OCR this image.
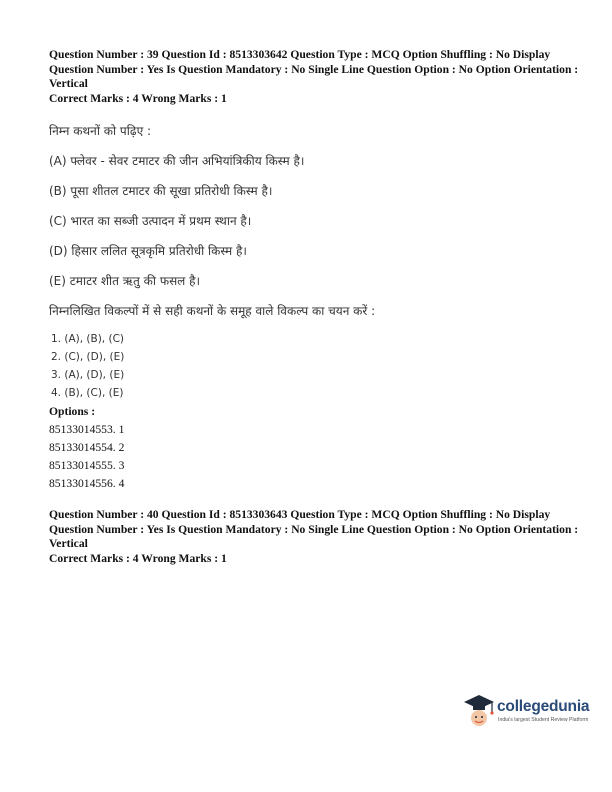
Question Number : 39 Question Id : 8513303642 Question Type : MCQ Option Shuffling : No Display Question Number : Yes Is Question Mandatory : No Single Line Question Option : No Option Orientation : Vertical
Correct Marks : 4 Wrong Marks : 1
निम्न कथनों को पढ़िए :
(A) फ्लेवर - सेवर टमाटर की जीन अभियांत्रिकीय किस्म है।
(B) पूसा शीतल टमाटर की सूखा प्रतिरोधी किस्म है।
(C) भारत का सब्जी उत्पादन में प्रथम स्थान है।
(D) हिसार ललित सूत्रकृमि प्रतिरोधी किस्म है।
(E) टमाटर शीत ऋतु की फसल है।
निम्नलिखित विकल्पों में से सही कथनों के समूह वाले विकल्प का चयन करें :
1. (A), (B), (C)
2. (C), (D), (E)
3. (A), (D), (E)
4. (B), (C), (E)
Options :
85133014553. 1
85133014554. 2
85133014555. 3
85133014556. 4
Question Number : 40 Question Id : 8513303643 Question Type : MCQ Option Shuffling : No Display Question Number : Yes Is Question Mandatory : No Single Line Question Option : No Option Orientation : Vertical
Correct Marks : 4 Wrong Marks : 1
collegedunia
India's largest Student Review Platform
